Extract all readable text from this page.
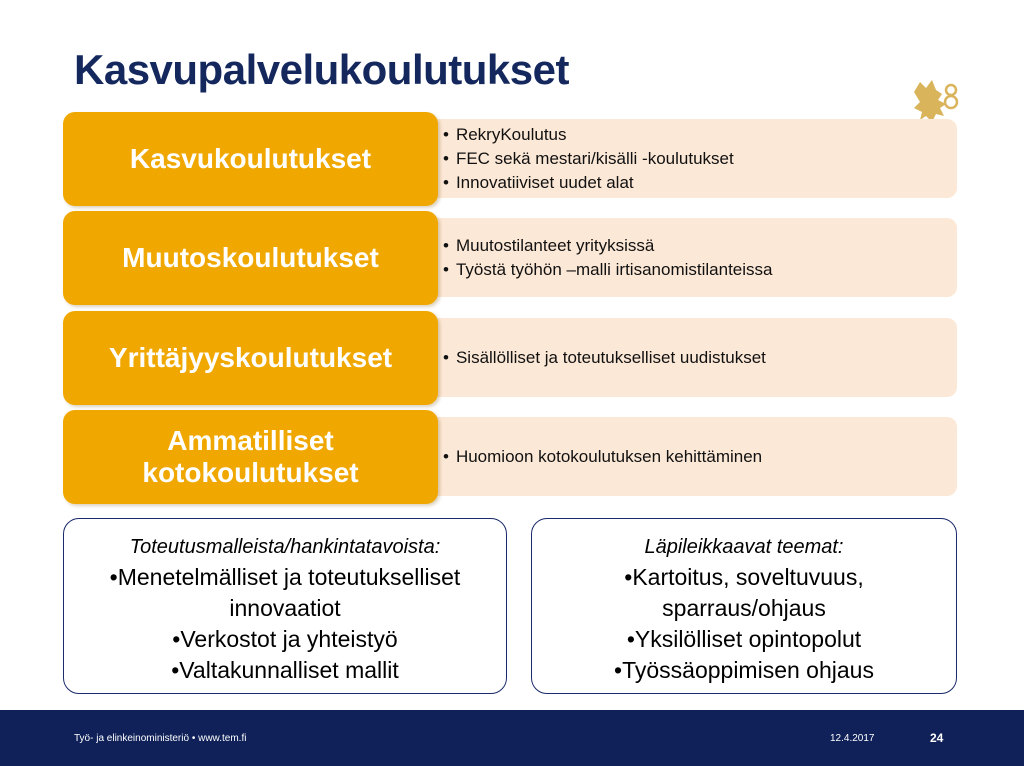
Kasvupalvelukoulutukset
• RekryKoulutus
• FEC sekä mestari/kisälli -koulutukset
• Innovatiiviset uudet alat
Kasvukoulutukset
• Muutostilanteet yrityksissä
• Työstä työhön –malli irtisanomistilanteissa
Muutoskoulutukset
• Sisällölliset ja toteutukselliset uudistukset
Yrittäjyyskoulutukset
• Huomioon kotokoulutuksen kehittäminen
Ammatilliset
kotokoulutukset
Toteutusmalleista/hankintatavoista:
•Menetelmälliset ja toteutukselliset
innovaatiot
•Verkostot ja yhteistyö
•Valtakunnalliset mallit
Läpileikkaavat teemat:
•Kartoitus, soveltuvuus,
sparraus/ohjaus
•Yksilölliset opintopolut
•Työssäoppimisen ohjaus
Työ- ja elinkeinoministeriö • www.tem.fi	12.4.2017	24
